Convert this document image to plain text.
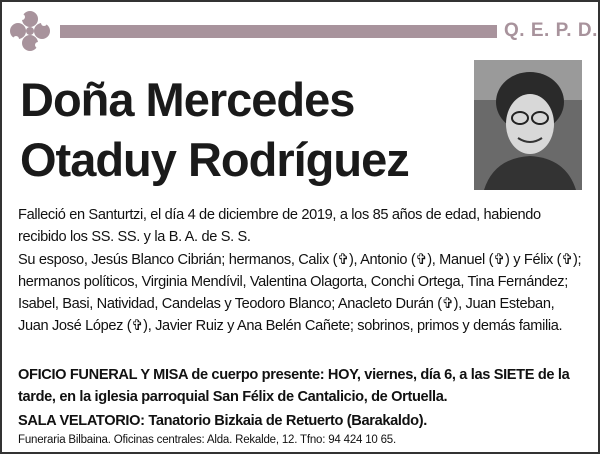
Q. E. P. D.
Doña Mercedes
Otaduy Rodríguez

Falleció en Santurtzi, el día 4 de diciembre de 2019, a los 85 años de edad, habiendo recibido los SS. SS. y la B. A. de S. S.

Su esposo, Jesús Blanco Cibrián; hermanos, Calix (✞), Antonio (✞), Manuel (✞) y Félix (✞); hermanos políticos, Virginia Mendívil, Valentina Olagorta, Conchi Ortega, Tina Fernández; Isabel, Basi, Natividad, Candelas y Teodoro Blanco; Anacleto Durán (✞), Juan Esteban, Juan José López (✞), Javier Ruiz y Ana Belén Cañete; sobrinos, primos y demás familia.

OFICIO FUNERAL Y MISA de cuerpo presente: HOY, viernes, día 6, a las SIETE de la tarde, en la iglesia parroquial San Félix de Cantalicio, de Ortuella.

SALA VELATORIO: Tanatorio Bizkaia de Retuerto (Barakaldo).

Funeraria Bilbaina. Oficinas centrales: Alda. Rekalde, 12. Tfno: 94 424 10 65.
